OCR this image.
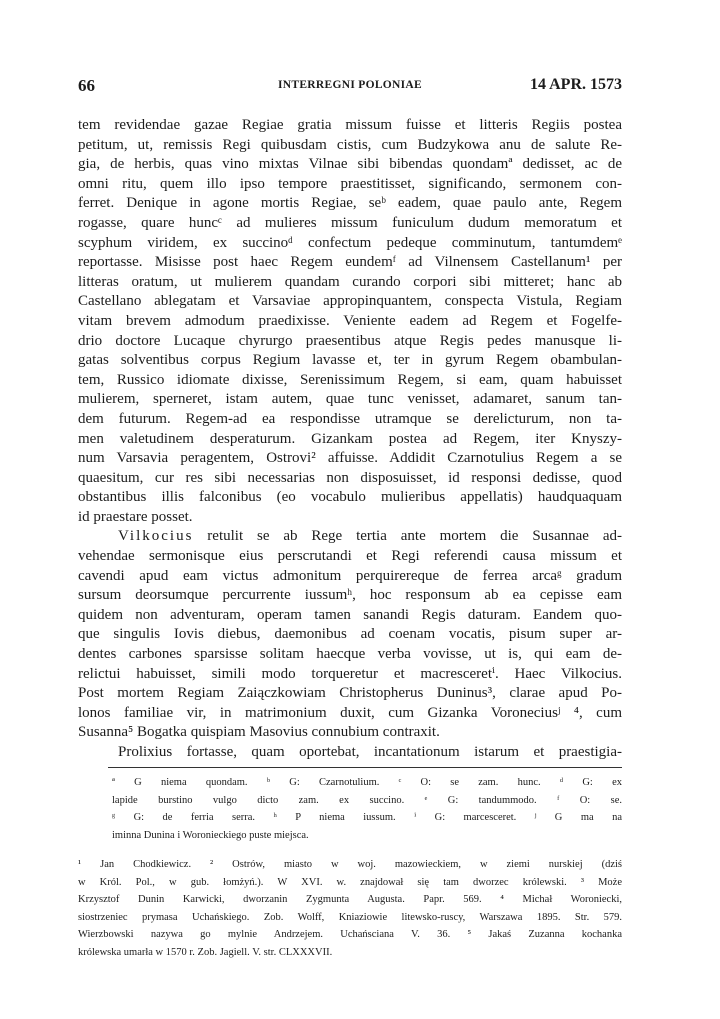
66	INTERREGNI POLONIAE	14 APR. 1573
tem revidendae gazae Regiae gratia missum fuisse et litteris Regiis postea
petitum, ut, remissis Regi quibusdam cistis, cum Budzykowa anu de salute Re-
gia, de herbis, quas vino mixtas Vilnae sibi bibendas quondamª dedisset, ac de
omni ritu, quem illo ipso tempore praestitisset, significando, sermonem con-
ferret. Denique in agone mortis Regiae, seᵇ eadem, quae paulo ante, Regem
rogasse, quare huncᶜ ad mulieres missum funiculum dudum memoratum et
scyphum viridem, ex succinoᵈ confectum pedeque comminutum, tantumdemᵉ
reportasse. Misisse post haec Regem eundemᶠ ad Vilnensem Castellanum¹ per
litteras oratum, ut mulierem quandam curando corpori sibi mitteret; hanc ab
Castellano ablegatam et Varsaviae appropinquantem, conspecta Vistula, Regiam
vitam brevem admodum praedixisse. Veniente eadem ad Regem et Fogelfe-
drio doctore Lucaque chyrurgo praesentibus atque Regis pedes manusque li-
gatas solventibus corpus Regium lavasse et, ter in gyrum Regem obambulan-
tem, Russico idiomate dixisse, Serenissimum Regem, si eam, quam habuisset
mulierem, sperneret, istam autem, quae tunc venisset, adamaret, sanum tan-
dem futurum. Regem-ad ea respondisse utramque se derelicturum, non ta-
men valetudinem desperaturum. Gizankam postea ad Regem, iter Knyszy-
num Varsavia peragentem, Ostrovi² affuisse. Addidit Czarnotulius Regem a se
quaesitum, cur res sibi necessarias non disposuisset, id responsi dedisse, quod
obstantibus illis falconibus (eo vocabulo mulieribus appellatis) haudquaquam
id praestare posset.
Vilkocius retulit se ab Rege tertia ante mortem die Susannae ad-
vehendae sermonisque eius perscrutandi et Regi referendi causa missum et
cavendi apud eam victus admonitum perquirereque de ferrea arcaᵍ gradum
sursum deorsumque percurrente iussumʰ, hoc responsum ab ea cepisse eam
quidem non adventuram, operam tamen sanandi Regis daturam. Eandem quo-
que singulis Iovis diebus, daemonibus ad coenam vocatis, pisum super ar-
dentes carbones sparsisse solitam haecque verba vovisse, ut is, qui eam de-
relictui habuisset, simili modo torqueretur et macresceretⁱ. Haec Vilkocius.
Post mortem Regiam Zaiączkowiam Christopherus Duninus³, clarae apud Po-
lonos familiae vir, in matrimonium duxit, cum Gizanka Voroneciusʲ ⁴, cum
Susanna⁵ Bogatka quispiam Masovius connubium contraxit.
Prolixius fortasse, quam oportebat, incantationum istarum et praestigia-
ª G niema quondam. ᵇ G: Czarnotulium. ᶜ O: se zam. hunc. ᵈ G: ex
lapide burstino vulgo dicto zam. ex succino. ᵉ G: tandummodo. ᶠ O: se.
ᵍ G: de ferria serra. ʰ P niema iussum. ⁱ G: marcesceret. ʲ G ma na
iminna Dunina i Woronieckiego puste miejsca.
¹ Jan Chodkiewicz. ² Ostrów, miasto w woj. mazowieckiem, w ziemi nurskiej (dziś
w Król. Pol., w gub. łomżyń.). W XVI. w. znajdował się tam dworzec królewski. ³ Może
Krzysztof Dunin Karwicki, dworzanin Zygmunta Augusta. Papr. 569. ⁴ Michał Woroniecki,
siostrzeniec prymasa Uchańskiego. Zob. Wolff, Kniaziowie litewsko-ruscy, Warszawa 1895. Str. 579.
Wierzbowski nazywa go mylnie Andrzejem. Uchańsciana V. 36. ⁵ Jakaś Zuzanna kochanka
królewska umarła w 1570 r. Zob. Jagiell. V. str. CLXXXVII.
